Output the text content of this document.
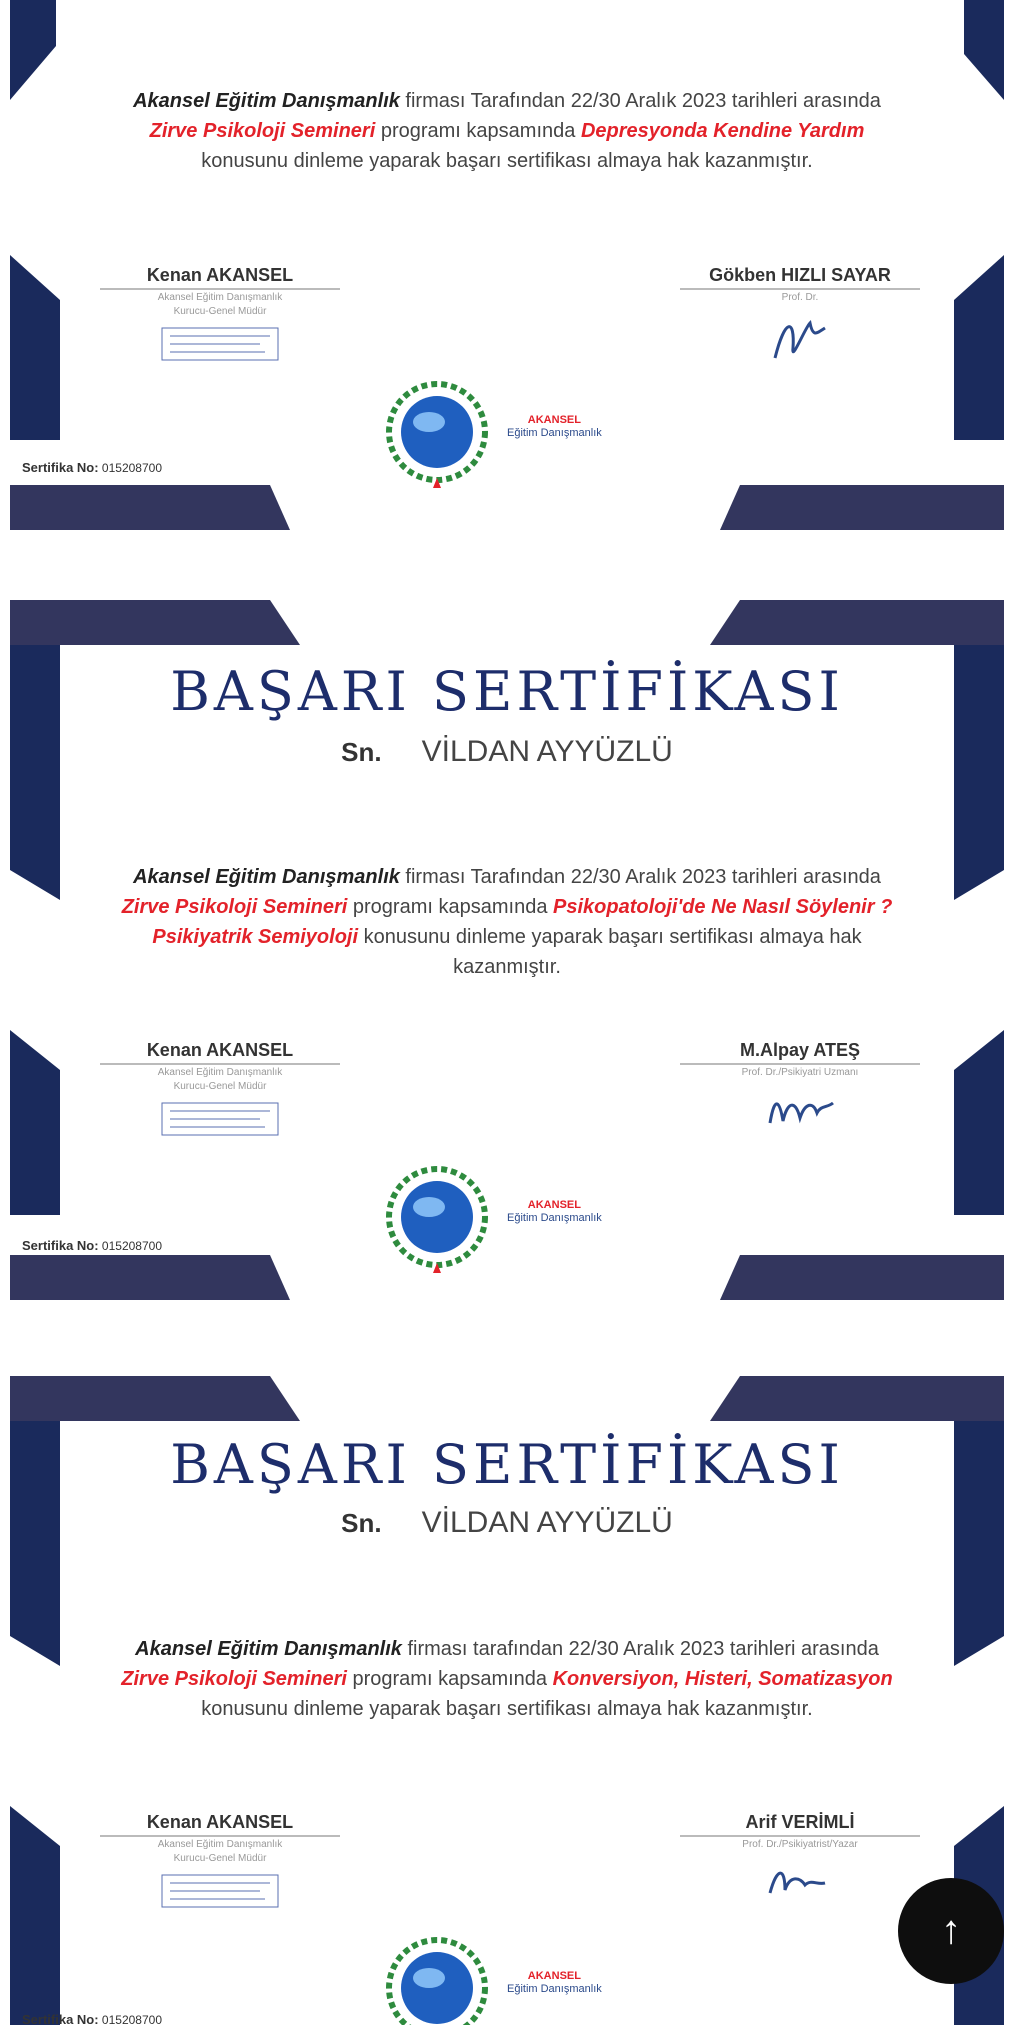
Akansel Eğitim Danışmanlık firması Tarafından 22/30 Aralık 2023 tarihleri arasında Zirve Psikoloji Semineri programı kapsamında Depresyonda Kendine Yardım konusunu dinleme yaparak başarı sertifikası almaya hak kazanmıştır.
Kenan AKANSEL
Akansel Eğitim Danışmanlık
Kurucu-Genel Müdür
Gökben HIZLI SAYAR
Prof. Dr.
AKANSEL
Eğitim Danışmanlık
Sertifika No: 015208700
BAŞARI SERTİFİKASI
Sn. VİLDAN AYYÜZLÜ
Akansel Eğitim Danışmanlık firması Tarafından 22/30 Aralık 2023 tarihleri arasında Zirve Psikoloji Semineri programı kapsamında Psikopatoloji'de Ne Nasıl Söylenir ? Psikiyatrik Semiyoloji konusunu dinleme yaparak başarı sertifikası almaya hak kazanmıştır.
Kenan AKANSEL
Akansel Eğitim Danışmanlık
Kurucu-Genel Müdür
M.Alpay ATEŞ
Prof. Dr./Psikiyatri Uzmanı
AKANSEL
Eğitim Danışmanlık
Sertifika No: 015208700
BAŞARI SERTİFİKASI
Sn. VİLDAN AYYÜZLÜ
Akansel Eğitim Danışmanlık firması tarafından 22/30 Aralık 2023 tarihleri arasında Zirve Psikoloji Semineri programı kapsamında Konversiyon, Histeri, Somatizasyon konusunu dinleme yaparak başarı sertifikası almaya hak kazanmıştır.
Kenan AKANSEL
Akansel Eğitim Danışmanlık
Kurucu-Genel Müdür
Arif VERİMLİ
Prof. Dr./Psikiyatrist/Yazar
AKANSEL
Eğitim Danışmanlık
Sertifika No: 015208700
↑
